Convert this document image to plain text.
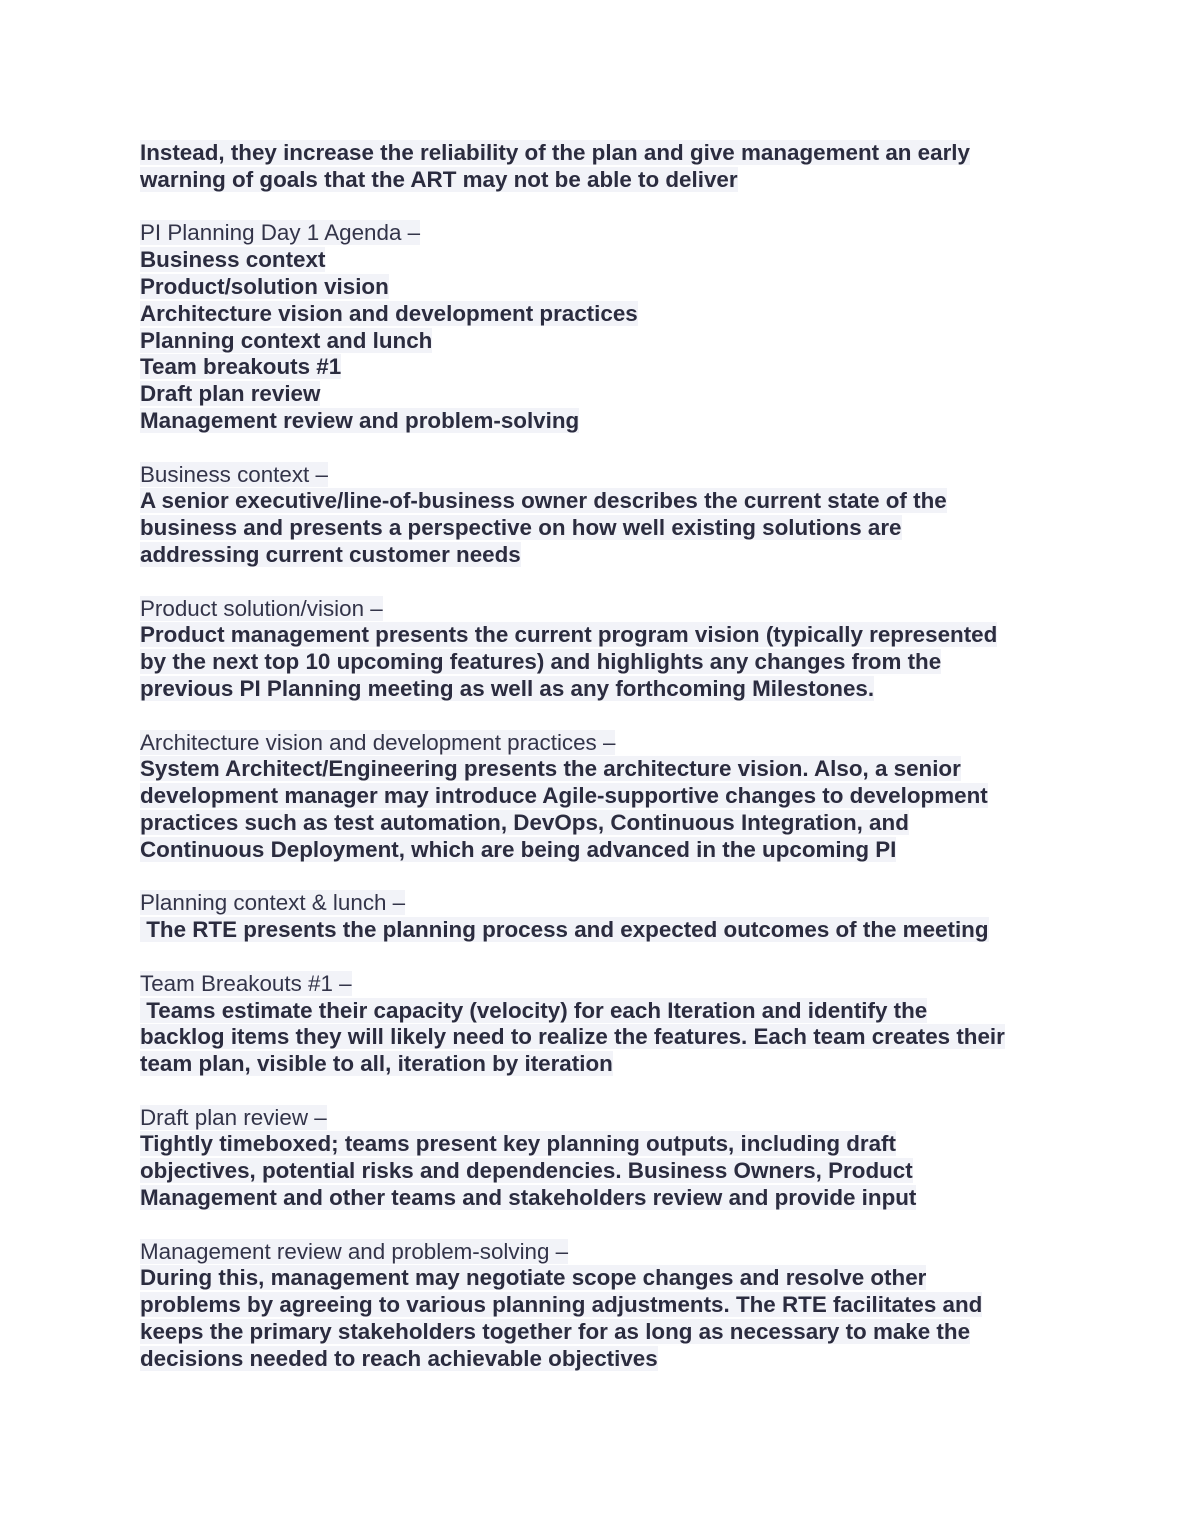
Instead, they increase the reliability of the plan and give management an early
warning of goals that the ART may not be able to deliver
PI Planning Day 1 Agenda –
Business context
Product/solution vision
Architecture vision and development practices
Planning context and lunch
Team breakouts #1
Draft plan review
Management review and problem-solving
Business context –
A senior executive/line-of-business owner describes the current state of the
business and presents a perspective on how well existing solutions are
addressing current customer needs
Product solution/vision –
Product management presents the current program vision (typically represented
by the next top 10 upcoming features) and highlights any changes from the
previous PI Planning meeting as well as any forthcoming Milestones.
Architecture vision and development practices –
System Architect/Engineering presents the architecture vision. Also, a senior
development manager may introduce Agile-supportive changes to development
practices such as test automation, DevOps, Continuous Integration, and
Continuous Deployment, which are being advanced in the upcoming PI
Planning context & lunch –
The RTE presents the planning process and expected outcomes of the meeting
Team Breakouts #1 –
Teams estimate their capacity (velocity) for each Iteration and identify the
backlog items they will likely need to realize the features. Each team creates their
team plan, visible to all, iteration by iteration
Draft plan review –
Tightly timeboxed; teams present key planning outputs, including draft
objectives, potential risks and dependencies. Business Owners, Product
Management and other teams and stakeholders review and provide input
Management review and problem-solving –
During this, management may negotiate scope changes and resolve other
problems by agreeing to various planning adjustments. The RTE facilitates and
keeps the primary stakeholders together for as long as necessary to make the
decisions needed to reach achievable objectives
